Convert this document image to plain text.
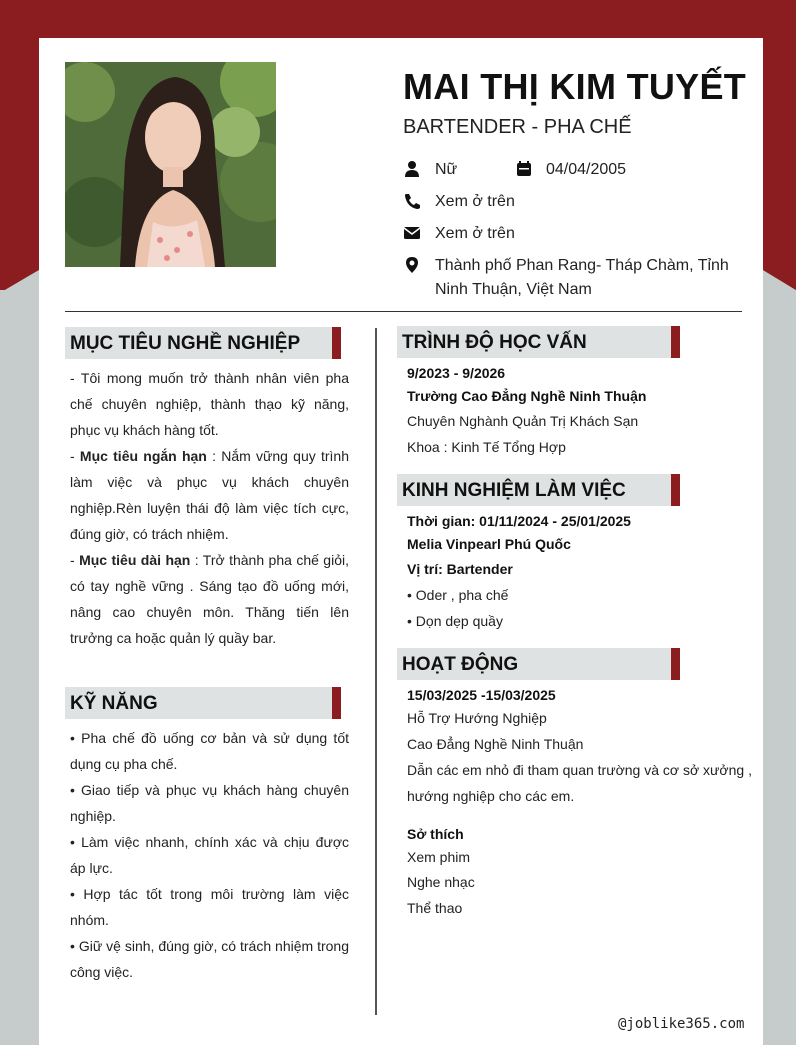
MAI THỊ KIM TUYẾT
BARTENDER - PHA CHẾ
Nữ	04/04/2005
Xem ở trên
Xem ở trên
Thành phố Phan Rang- Tháp Chàm, Tỉnh
Ninh Thuận, Việt Nam
MỤC TIÊU NGHỀ NGHIỆP

- Tôi mong muốn trở thành nhân viên pha chế chuyên nghiệp, thành thạo kỹ năng, phục vụ khách hàng tốt.

- Mục tiêu ngắn hạn : Nắm vững quy trình làm việc và phục vụ khách chuyên nghiệp.Rèn luyện thái độ làm việc tích cực, đúng giờ, có trách nhiệm.

- Mục tiêu dài hạn : Trở thành pha chế giỏi, có tay nghề vững . Sáng tạo đồ uống mới, nâng cao chuyên môn. Thăng tiến lên trưởng ca hoặc quản lý quầy bar.

KỸ NĂNG

• Pha chế đồ uống cơ bản và sử dụng tốt dụng cụ pha chế.

• Giao tiếp và phục vụ khách hàng chuyên nghiệp.

• Làm việc nhanh, chính xác và chịu được áp lực.

• Hợp tác tốt trong môi trường làm việc nhóm.

• Giữ vệ sinh, đúng giờ, có trách nhiệm trong công việc.

TRÌNH ĐỘ HỌC VẤN
9/2023 - 9/2026
Trường Cao Đẳng Nghề Ninh Thuận
Chuyên Nghành Quản Trị Khách Sạn
Khoa : Kinh Tế Tổng Hợp
KINH NGHIỆM LÀM VIỆC
Thời gian: 01/11/2024 - 25/01/2025
Melia Vinpearl Phú Quốc
Vị trí: Bartender
• Oder , pha chế
• Dọn dẹp quầy
HOẠT ĐỘNG
15/03/2025 -15/03/2025
Hỗ Trợ Hướng Nghiệp
Cao Đẳng Nghề Ninh Thuận
Dẫn các em nhỏ đi tham quan trường và cơ sở xưởng ,
hướng nghiệp cho các em.
Sở thích
Xem phim
Nghe nhạc
Thể thao
@joblike365.com
